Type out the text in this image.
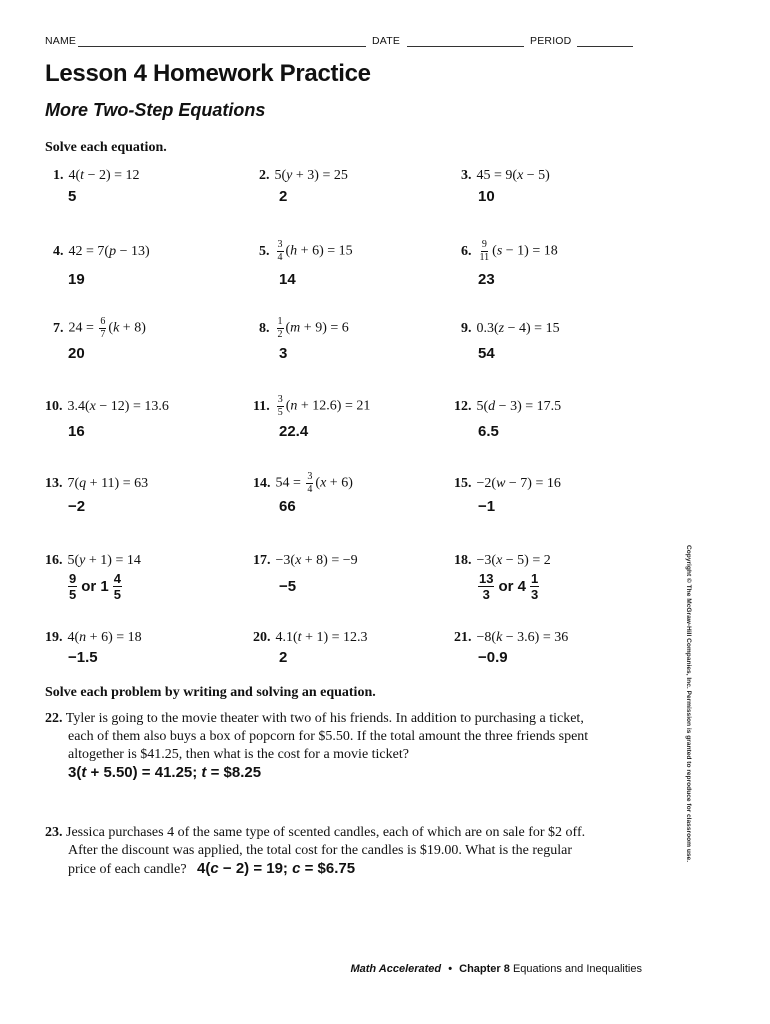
NAME	DATE	PERIOD
Lesson 4 Homework Practice
More Two-Step Equations
Solve each equation.
1. 4(t − 2) = 12
5
2. 5(y + 3) = 25
2
3. 45 = 9(x − 5)
10
4. 42 = 7(p − 13)
19
5. $\frac{3}{4} (h + 6) = 15$
14
6. $\frac{9}{11} (s - 1) = 18$
23
7. $24 = \frac{6}{7} (k + 8)$
20
8. $\frac{1}{2} (m + 9) = 6$
3
9. 0.3(z − 4) = 15
54
10. 3.4(x − 12) = 13.6
16
11. $\frac{3}{5} (n + 12.6) = 21$
22.4
12. 5(d − 3) = 17.5
6.5
13. 7(q + 11) = 63
−2
14. $54 = \frac{3}{4} (x + 6)$
66
15. −2(w − 7) = 16
−1
16. 5(y + 1) = 14
9
5 or 1 4
5
17. −3(x + 8) = −9
−5
18. −3(x − 5) = 2
13
3 or 4 1
3
19. 4(n + 6) = 18
−1.5
20. 4.1(t + 1) = 12.3
2
21. −8(k − 3.6) = 36
−0.9
Solve each problem by writing and solving an equation.
22. Tyler is going to the movie theater with two of his friends. In addition to purchasing a ticket,
each of them also buys a box of popcorn for $5.50. If the total amount the three friends spent
altogether is $41.25, then what is the cost for a movie ticket?
3(t + 5.50) = 41.25; t = $8.25
23. Jessica purchases 4 of the same type of scented candles, each of which are on sale for $2 off.
After the discount was applied, the total cost for the candles is $19.00. What is the regular
price of each candle? 4(c − 2) = 19; c = $6.75
Copyright © The McGraw-Hill Companies, Inc. Permission is granted to reproduce for classroom use.
Math Accelerated • Chapter 8 Equations and Inequalities
